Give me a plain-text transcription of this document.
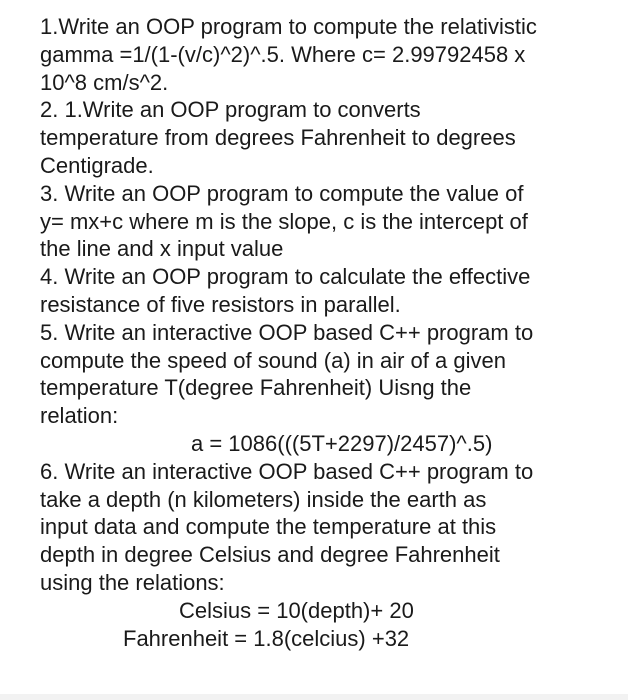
1.Write an OOP program to compute the relativistic
gamma =1/(1-(v/c)^2)^.5. Where c= 2.99792458 x
10^8 cm/s^2.
2. 1.Write an OOP program to converts
temperature from degrees Fahrenheit to degrees
Centigrade.
3. Write an OOP program to compute the value of
y= mx+c where m is the slope, c is the intercept of
the line and x input value
4. Write an OOP program to calculate the effective
resistance of five resistors in parallel.
5. Write an interactive OOP based C++ program to
compute the speed of sound (a) in air of a given
temperature T(degree Fahrenheit) Uisng the
relation:
a = 1086(((5T+2297)/2457)^.5)
6. Write an interactive OOP based C++ program to
take a depth (n kilometers) inside the earth as
input data and compute the temperature at this
depth in degree Celsius and degree Fahrenheit
using the relations:
Celsius = 10(depth)+ 20
Fahrenheit = 1.8(celcius) +32
